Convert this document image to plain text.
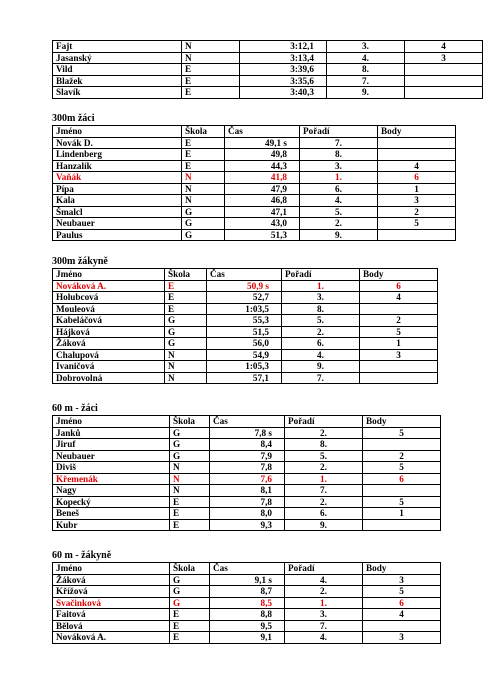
Fajt	N	3:12,1	3.	4
Jasanský	N	3:13,4	4.	3
Vild	E	3:39,6	8.	
Blažek	E	3:35,6	7.	
Slavík	E	3:40,3	9.	
300m žáci
Jméno	Škola	Čas	Pořadí	Body
Novák D.	E	49,1 s	7.	
Lindenberg	E	49,8	8.	
Hanzalík	E	44,3	3.	4
Vaňák	N	41,8	1.	6
Pípa	N	47,9	6.	1
Kala	N	46,8	4.	3
Šmalcl	G	47,1	5.	2
Neubauer	G	43,0	2.	5
Paulus	G	51,3	9.	
300m žákyně
Jméno	Škola	Čas	Pořadí	Body
Nováková A.	E	50,9 s	1.	6
Holubcová	E	52,7	3.	4
Mouleová	E	1:03,5	8.	
Kabeláčová	G	55,3	5.	2
Hájková	G	51,5	2.	5
Žáková	G	56,0	6.	1
Chalupová	N	54,9	4.	3
Ivaničová	N	1:05,3	9.	
Dobrovolná	N	57,1	7.	
60 m - žáci
Jméno	Škola	Čas	Pořadí	Body
Janků	G	7,8 s	2.	5
Jiruf	G	8,4	8.	
Neubauer	G	7,9	5.	2
Diviš	N	7,8	2.	5
Křemenák	N	7,6	1.	6
Nagy	N	8,1	7.	
Kopecký	E	7,8	2.	5
Beneš	E	8,0	6.	1
Kubr	E	9,3	9.	
60 m - žákyně
Jméno	Škola	Čas	Pořadí	Body
Žáková	G	9,1 s	4.	3
Křížová	G	8,7	2.	5
Svačinková	G	8,5	1.	6
Faitová	E	8,8	3.	4
Bělová	E	9,5	7.	
Nováková A.	E	9,1	4.	3
